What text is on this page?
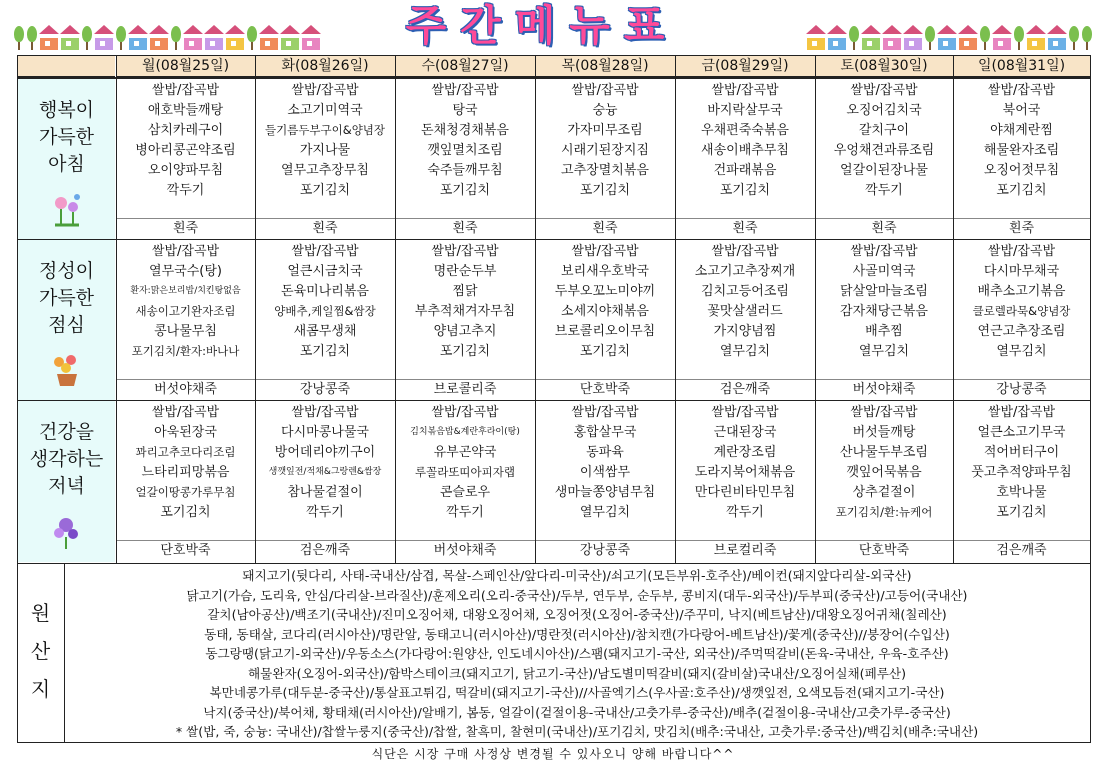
주간메뉴표
월(08월25일)	화(08월26일)	수(08월27일)	목(08월28일)	금(08월29일)	토(08월30일)	일(08월31일)
행복이
가득한
아침
쌀밥/잡곡밥	쌀밥/잡곡밥	쌀밥/잡곡밥	쌀밥/잡곡밥	쌀밥/잡곡밥	쌀밥/잡곡밥	쌀밥/잡곡밥
애호박들깨탕	소고기미역국	탕국	숭늉	바지락살무국	오징어김치국	북어국
삼치카레구이	들기름두부구이&양념장	돈채청경채볶음	가자미무조림	우채편죽숙볶음	갈치구이	야채계란찜
병아리콩곤약조림	가지나물	깻잎멸치조림	시래기된장지짐	새송이배추무침	우엉채견과류조림	해물완자조림
오이양파무침	열무고추장무침	숙주들깨무침	고추장멸치볶음	건파래볶음	얼갈이된장나물	오징어젓무침
깍두기	포기김치	포기김치	포기김치	포기김치	깍두기	포기김치
흰죽	흰죽	흰죽	흰죽	흰죽	흰죽	흰죽
정성이
가득한
점심
쌀밥/잡곡밥	쌀밥/잡곡밥	쌀밥/잡곡밥	쌀밥/잡곡밥	쌀밥/잡곡밥	쌀밥/잡곡밥	쌀밥/잡곡밥
열무국수(탕)	얼큰시금치국	명란순두부	보리새우호박국	소고기고추장찌개	사골미역국	다시마무채국
환자:맑은보리밥/치킨탕없음	돈육미나리볶음	찜닭	두부오꼬노미야끼	김치고등어조림	닭살알마늘조림	배추소고기볶음
새송이고기완자조림	양배추,케일찜&쌈장	부추적채겨자무침	소세지야채볶음	꽃맛살샐러드	감자채당근볶음	클로렐라묵&양념장
콩나물무침	새콤무생채	양념고추지	브로콜리오이무침	가지양념찜	배추찜	연근고추장조림
포기김치/환자:바나나	포기김치	포기김치	포기김치	열무김치	열무김치	열무김치
버섯야채죽	강낭콩죽	브로콜리죽	단호박죽	검은깨죽	버섯야채죽	강낭콩죽
건강을
생각하는
저녁
쌀밥/잡곡밥	쌀밥/잡곡밥	쌀밥/잡곡밥	쌀밥/잡곡밥	쌀밥/잡곡밥	쌀밥/잡곡밥	쌀밥/잡곡밥
아욱된장국	다시마콩나물국	김치볶음밥&계란후라이(탕)	홍합살무국	근대된장국	버섯들깨탕	얼큰소고기무국
꽈리고추코다리조림	방어데리야끼구이	유부곤약국	동파육	계란장조림	산나물두부조림	적어버터구이
느타리피망볶음	생깻잎전/적채&그랑렌&쌈장	루꼴라또띠아피자랩	이색쌈무	도라지북어채볶음	깻잎어묵볶음	풋고추적양파무침
얼갈이땅콩가루무침	참나물겉절이	콘슬로우	생마늘쫑양념무침	만다린비타민무침	상추겉절이	호박나물
포기김치	깍두기	깍두기	열무김치	깍두기	포기김치/환:뉴케어	포기김치
단호박죽	검은깨죽	버섯야채죽	강낭콩죽	브로컬리죽	단호박죽	검은깨죽
원
산
지
돼지고기(뒷다리, 사태-국내산/삼겹, 목살-스페인산/앞다리-미국산)/쇠고기(모든부위-호주산)/베이컨(돼지앞다리살-외국산)
닭고기(가슴, 도리육, 안심/다리살-브라질산)/훈제오리(오리-중국산)/두부, 연두부, 순두부, 콩비지(대두-외국산)/두부피(중국산)/고등어(국내산)
갈치(남아공산)/백조기(국내산)/진미오징어채, 대왕오징어채, 오징어젓(오징어-중국산)/주꾸미, 낙지(베트남산)/대왕오징어귀채(칠레산)
동태, 동태살, 코다리(러시아산)/명란알, 동태고니(러시아산)/명란젓(러시아산)/참치캔(가다랑어-베트남산)/꽃게(중국산)//붕장어(수입산)
동그랑땡(닭고기-외국산)/우동소스(가다랑어:원양산, 인도네시아산)/스팸(돼지고기-국산, 외국산)/주먹떡갈비(돈육-국내산, 우육-호주산)
해물완자(오징어-외국산)/함박스테이크(돼지고기, 닭고기-국산)/남도별미떡갈비(돼지(갈비살)국내산/오징어실채(페루산)
복만네콩가루(대두분-중국산)/통살표고튀김, 떡갈비(돼지고기-국산)//사골엑기스(우사골:호주산)/생깻잎전, 오색모듬전(돼지고기-국산)
낙지(중국산)/북어채, 황태채(러시아산)/알배기, 봄동, 얼갈이(겉절이용-국내산/고춧가루-중국산)/배추(겉절이용-국내산/고춧가루-중국산)
* 쌀(밥, 죽, 숭늉: 국내산)/찹쌀누룽지(중국산)/찹쌀, 찰흑미, 찰현미(국내산)/포기김치, 맛김치(배추:국내산, 고춧가루:중국산)/백김치(배추:국내산)
식단은 시장 구매 사정상 변경될 수 있사오니 양해 바랍니다^^
